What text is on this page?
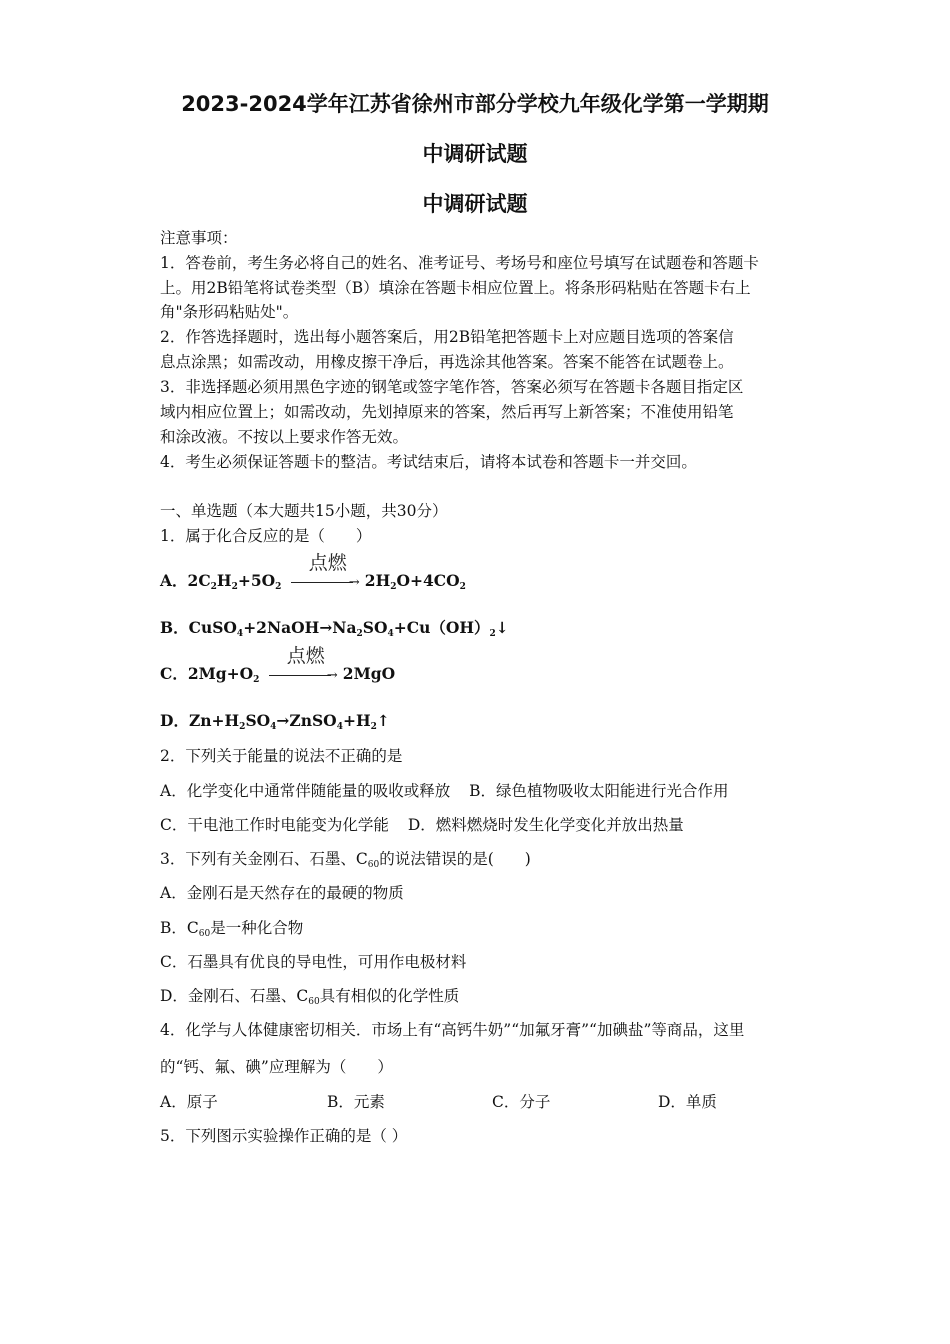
2023-2024学年江苏省徐州市部分学校九年级化学第一学期期
中调研试题
中调研试题
注意事项：
1．答卷前，考生务必将自己的姓名、准考证号、考场号和座位号填写在试题卷和答题卡
上。用2B铅笔将试卷类型（B）填涂在答题卡相应位置上。将条形码粘贴在答题卡右上
角"条形码粘贴处"。
2．作答选择题时，选出每小题答案后，用2B铅笔把答题卡上对应题目选项的答案信
息点涂黑；如需改动，用橡皮擦干净后，再选涂其他答案。答案不能答在试题卷上。
3．非选择题必须用黑色字迹的钢笔或签字笔作答，答案必须写在答题卡各题目指定区
域内相应位置上；如需改动，先划掉原来的答案，然后再写上新答案；不准使用铅笔
和涂改液。不按以上要求作答无效。
4．考生必须保证答题卡的整洁。考试结束后，请将本试卷和答题卡一并交回。
一、单选题（本大题共15小题，共30分）
1．属于化合反应的是（　　）
A．$2C_2H_2+5O_2$
点燃
→ $2H_2O+4CO_2$
B．$CuSO_4+2NaOH\to Na_2SO_4+Cu(OH)_2↓$
C．$2Mg+O_2$
点燃
→ 2MgO
D．$Zn+H_2SO_4\to ZnSO_4+H_2↑$
2．下列关于能量的说法不正确的是
A．化学变化中通常伴随能量的吸收或释放 B．绿色植物吸收太阳能进行光合作用
C．干电池工作时电能变为化学能 D．燃料燃烧时发生化学变化并放出热量
3．下列有关金刚石、石墨、$C_{60}$的说法错误的是(　　)
A．金刚石是天然存在的最硬的物质
B．$C_{60}$是一种化合物
C．石墨具有优良的导电性，可用作电极材料
D．金刚石、石墨、$C_{60}$具有相似的化学性质
4．化学与人体健康密切相关．市场上有“高钙牛奶”“加氟牙膏”“加碘盐”等商品，这里
的“钙、氟、碘”应理解为（　　）
A．原子	B．元素	C．分子	D．单质
5．下列图示实验操作正确的是（ ）
